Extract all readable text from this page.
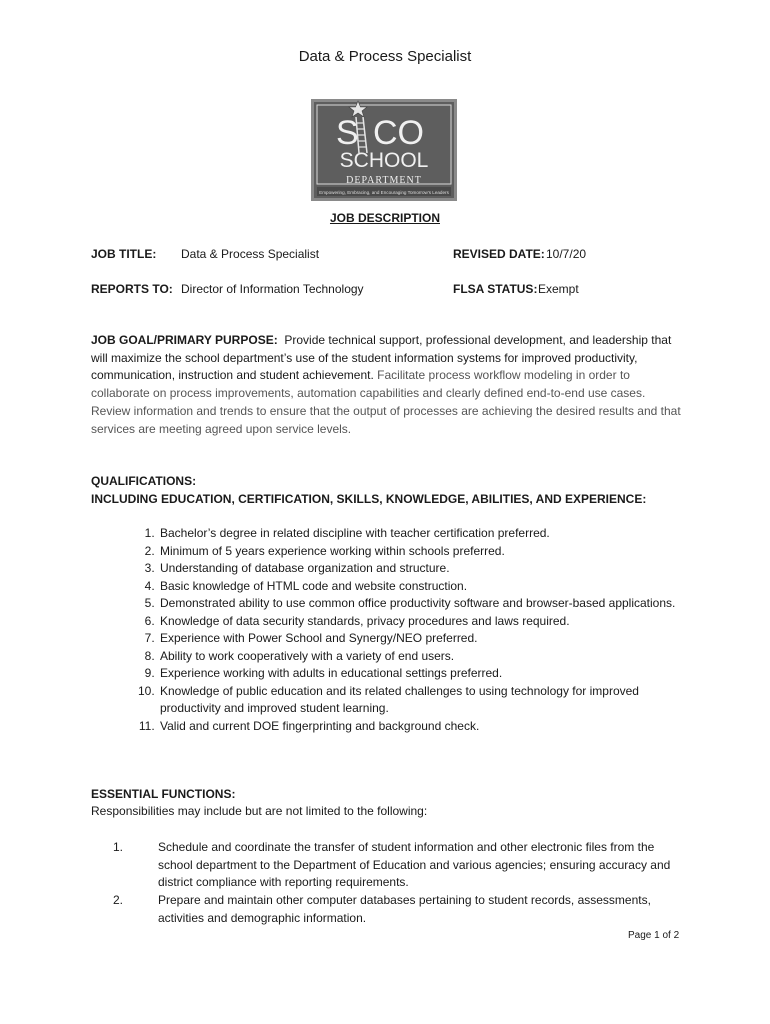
Data & Process Specialist
S CO
SCHOOL
DEPARTMENT
Empowering, Embracing, and Encouraging Tomorrow's Leaders
JOB DESCRIPTION
JOB TITLE: Data & Process Specialist	REVISED DATE: 10/7/20
REPORTS TO: Director of Information Technology	FLSA STATUS: Exempt
JOB GOAL/PRIMARY PURPOSE: Provide technical support, professional development, and leadership that will maximize the school department’s use of the student information systems for improved productivity, communication, instruction and student achievement. Facilitate process workflow modeling in order to collaborate on process improvements, automation capabilities and clearly defined end-to-end use cases. Review information and trends to ensure that the output of processes are achieving the desired results and that services are meeting agreed upon service levels.
QUALIFICATIONS:
INCLUDING EDUCATION, CERTIFICATION, SKILLS, KNOWLEDGE, ABILITIES, AND EXPERIENCE:
1. Bachelor’s degree in related discipline with teacher certification preferred.
2. Minimum of 5 years experience working within schools preferred.
3. Understanding of database organization and structure.
4. Basic knowledge of HTML code and website construction.
5. Demonstrated ability to use common office productivity software and browser-based applications.
6. Knowledge of data security standards, privacy procedures and laws required.
7. Experience with Power School and Synergy/NEO preferred.
8. Ability to work cooperatively with a variety of end users.
9. Experience working with adults in educational settings preferred.
10. Knowledge of public education and its related challenges to using technology for improved productivity and improved student learning.
11. Valid and current DOE fingerprinting and background check.
ESSENTIAL FUNCTIONS:
Responsibilities may include but are not limited to the following:
1.	Schedule and coordinate the transfer of student information and other electronic files from the school department to the Department of Education and various agencies; ensuring accuracy and district compliance with reporting requirements.
2.	Prepare and maintain other computer databases pertaining to student records, assessments, activities and demographic information.
Page 1 of 2
